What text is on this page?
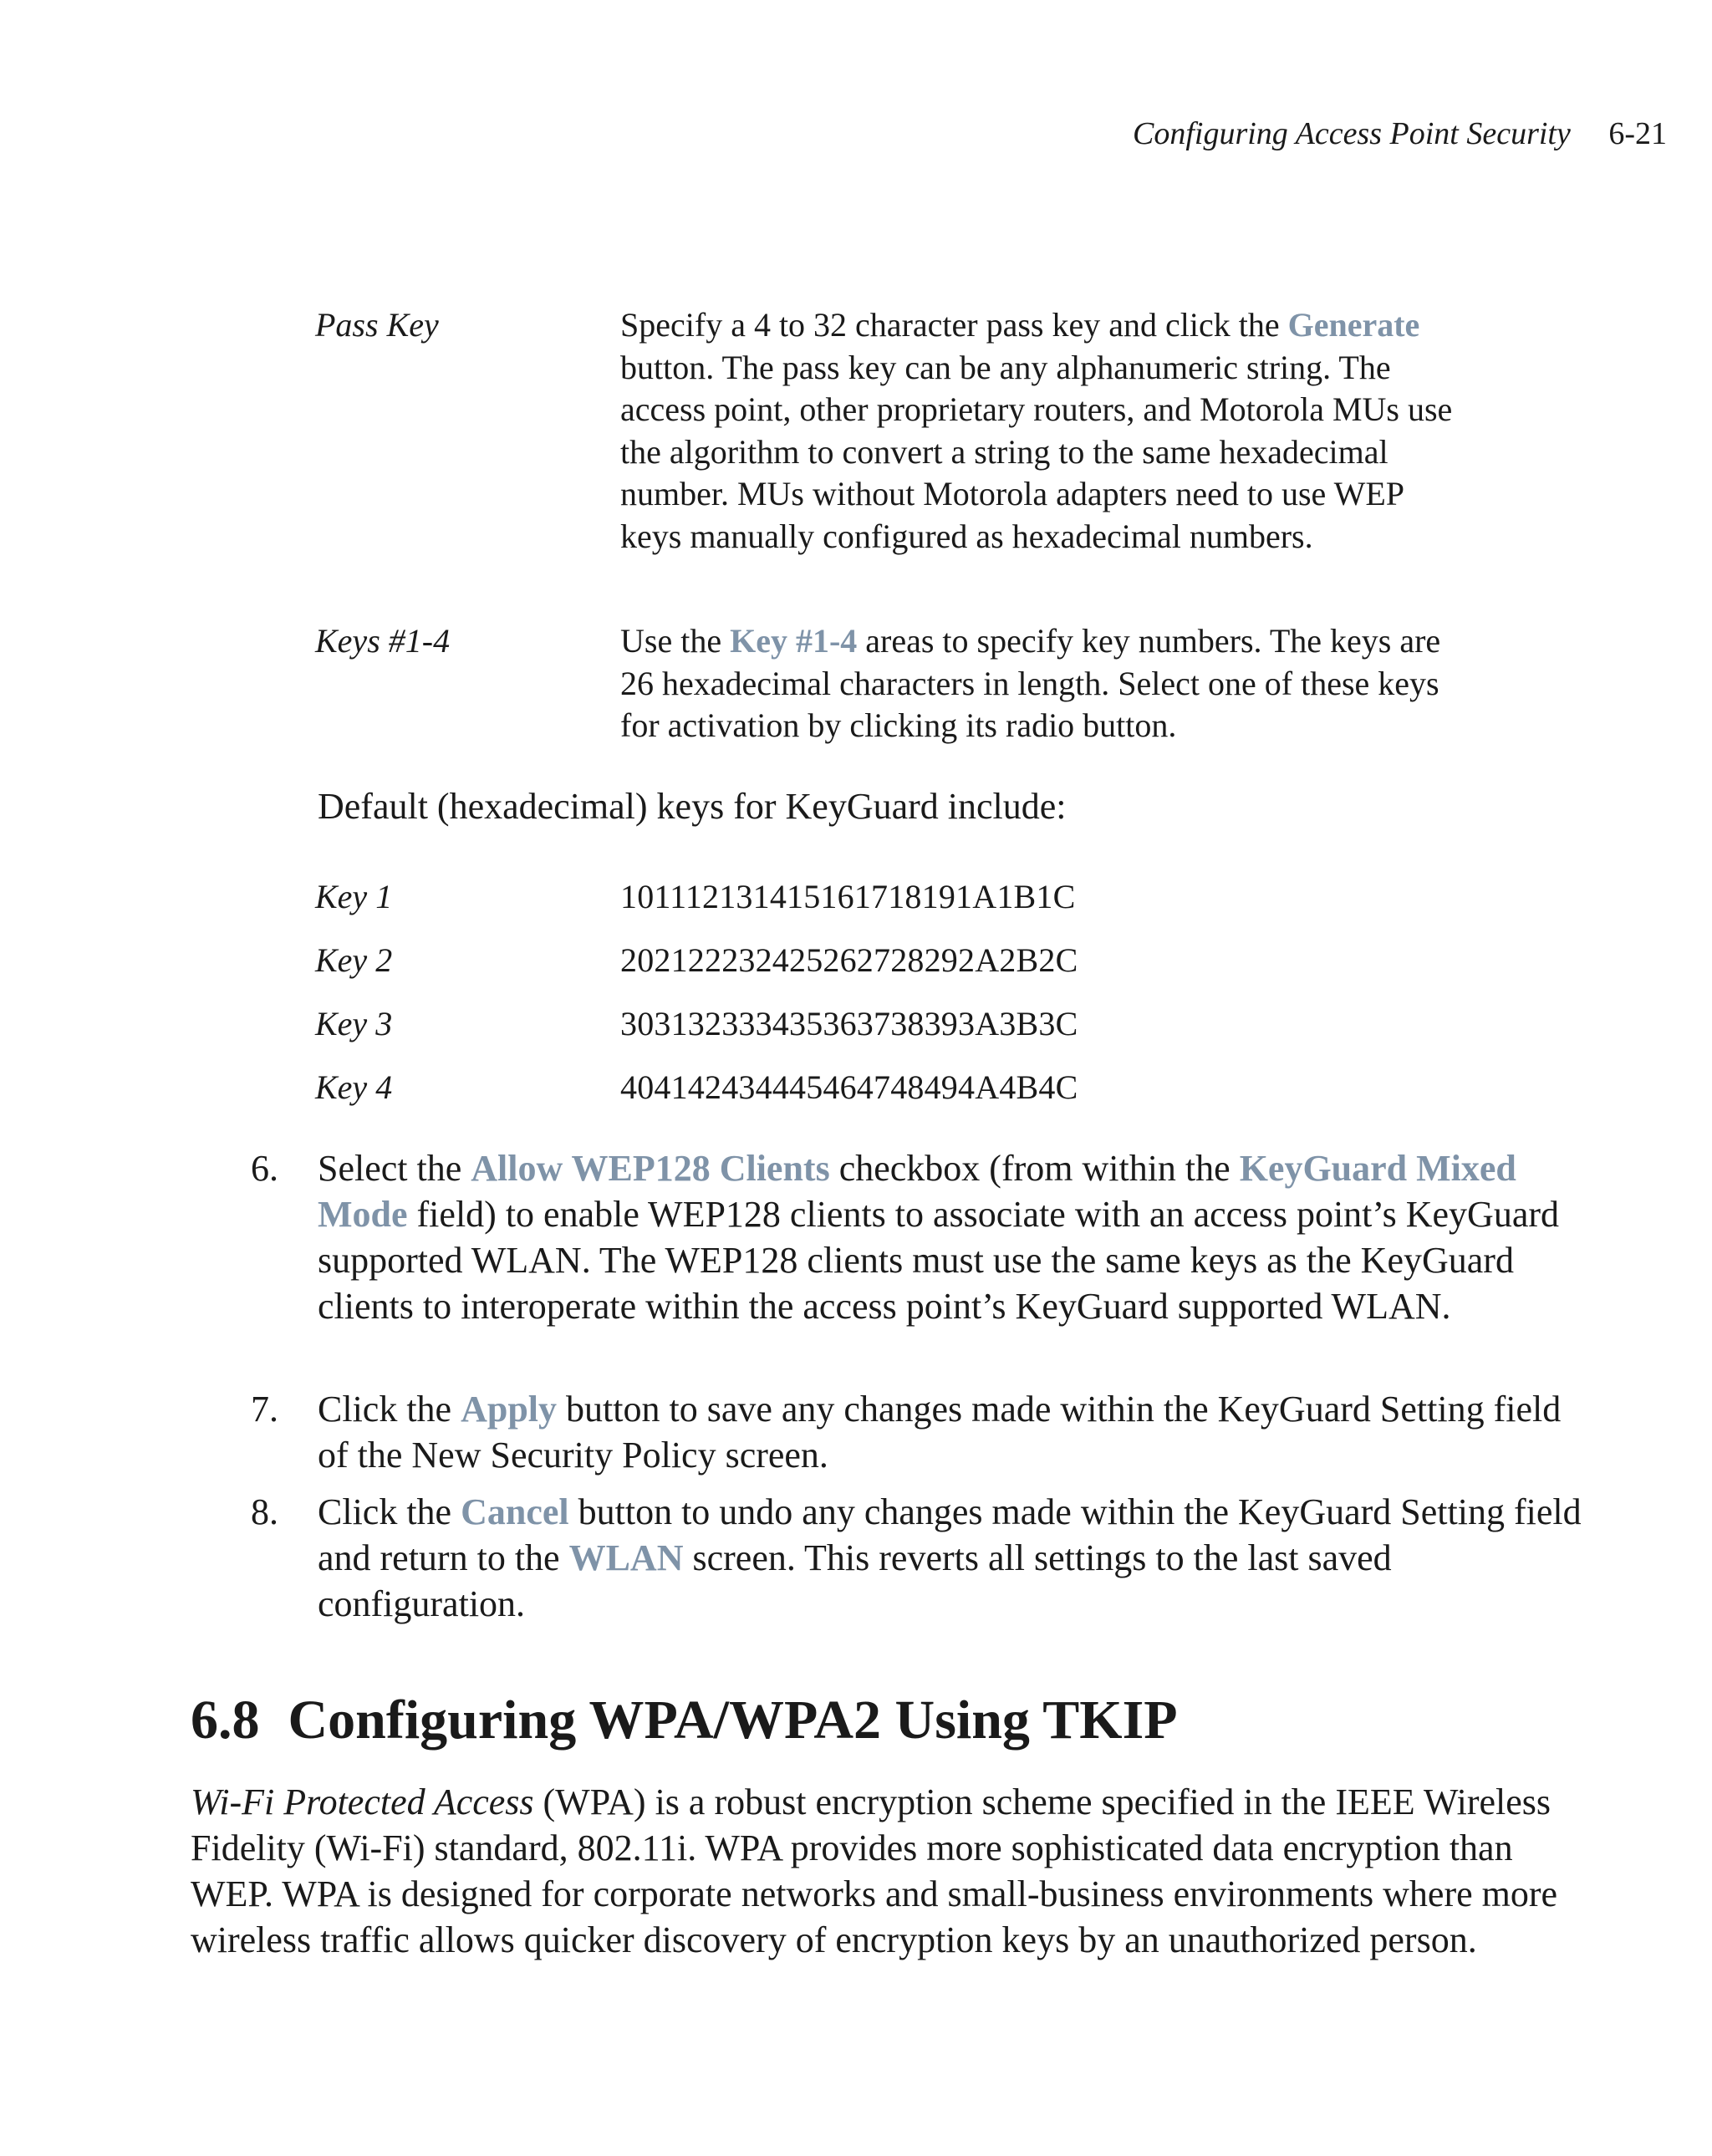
Configuring Access Point Security 6-21
Pass Key	Specify a 4 to 32 character pass key and click the Generate button. The pass key can be any alphanumeric string. The access point, other proprietary routers, and Motorola MUs use the algorithm to convert a string to the same hexadecimal number. MUs without Motorola adapters need to use WEP keys manually configured as hexadecimal numbers.
Keys #1-4	Use the Key #1-4 areas to specify key numbers. The keys are 26 hexadecimal characters in length. Select one of these keys for activation by clicking its radio button.
Default (hexadecimal) keys for KeyGuard include:
Key 1	101112131415161718191A1B1C
Key 2	202122232425262728292A2B2C
Key 3	303132333435363738393A3B3C
Key 4	404142434445464748494A4B4C
6.	Select the Allow WEP128 Clients checkbox (from within the KeyGuard Mixed Mode field) to enable WEP128 clients to associate with an access point’s KeyGuard supported WLAN. The WEP128 clients must use the same keys as the KeyGuard clients to interoperate within the access point’s KeyGuard supported WLAN.
7.	Click the Apply button to save any changes made within the KeyGuard Setting field of the New Security Policy screen.
8.	Click the Cancel button to undo any changes made within the KeyGuard Setting field and return to the WLAN screen. This reverts all settings to the last saved configuration.
6.8 Configuring WPA/WPA2 Using TKIP
Wi-Fi Protected Access (WPA) is a robust encryption scheme specified in the IEEE Wireless Fidelity (Wi-Fi) standard, 802.11i. WPA provides more sophisticated data encryption than WEP. WPA is designed for corporate networks and small-business environments where more wireless traffic allows quicker discovery of encryption keys by an unauthorized person.
